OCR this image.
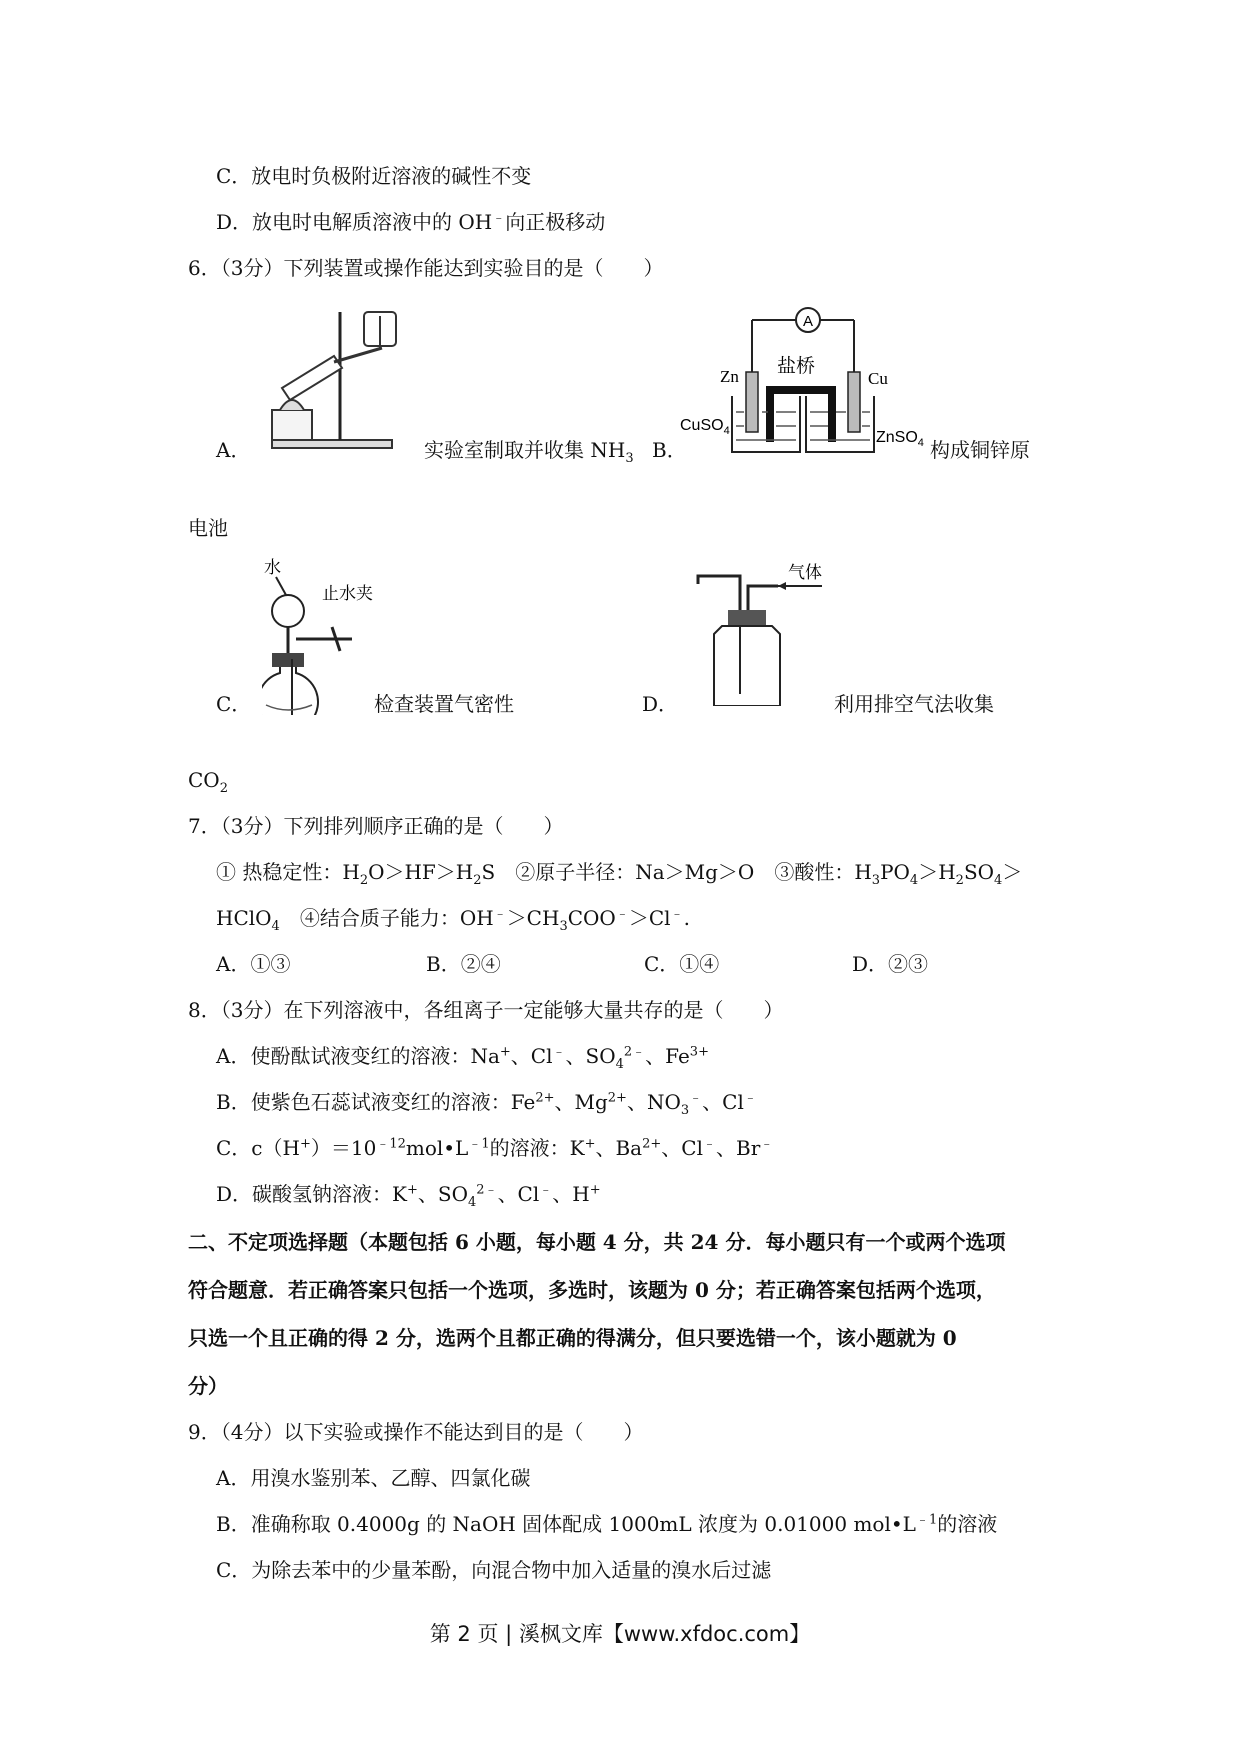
C．放电时负极附近溶液的碱性不变
D．放电时电解质溶液中的 OH﹣向正极移动
6．（3分）下列装置或操作能达到实验目的是（　　）
A．	实验室制取并收集 $NH_3$ B．
A
盐桥
Zn	Cu
CuSO$_4$	ZnSO$_4$ 构成铜锌原
电池
水
止水夹
C．	检查装置气密性	D．
气体
利用排空气法收集
$CO_2$
7．（3分）下列排列顺序正确的是（　　）
① 热稳定性：$H_2O>HF>H_2S$　②原子半径：Na＞Mg＞O　③酸性：$H_3PO_4>H_2SO_4>$
HClO$_4$　④结合质子能力：$OH^﹣>CH_3COO^﹣>Cl^﹣$.
A．①③	B．②④	C．①④	D．②③
8．（3分）在下列溶液中，各组离子一定能够大量共存的是（　　）
A．使酚酞试液变红的溶液：Na+、Cl﹣、$SO_4^{2﹣}$、$Fe^{3+}$
B．使紫色石蕊试液变红的溶液：$Fe^{2+}$、$Mg^{2+}$、$NO_3^﹣$、Cl﹣
C．$c(H^+)=10^{﹣12}mol•L^{﹣1}$的溶液：K+、$Ba^{2+}$、Cl﹣、Br﹣
D．碳酸氢钠溶液：K+、$SO_4^{2﹣}$、Cl﹣、H+
二、不定项选择题（本题包括 6 小题，每小题 4 分，共 24 分．每小题只有一个或两个选项
符合题意．若正确答案只包括一个选项，多选时，该题为 0 分；若正确答案包括两个选项，
只选一个且正确的得 2 分，选两个且都正确的得满分，但只要选错一个，该小题就为 0
分）
9．（4分）以下实验或操作不能达到目的是（　　）
A．用溴水鉴别苯、乙醇、四氯化碳
B．准确称取 0.4000g 的 NaOH 固体配成 1000mL 浓度为 0.01000 $mol•L^{﹣1}$的溶液
C．为除去苯中的少量苯酚，向混合物中加入适量的溴水后过滤
第 2 页 | 溪枫文库【www.xfdoc.com】
